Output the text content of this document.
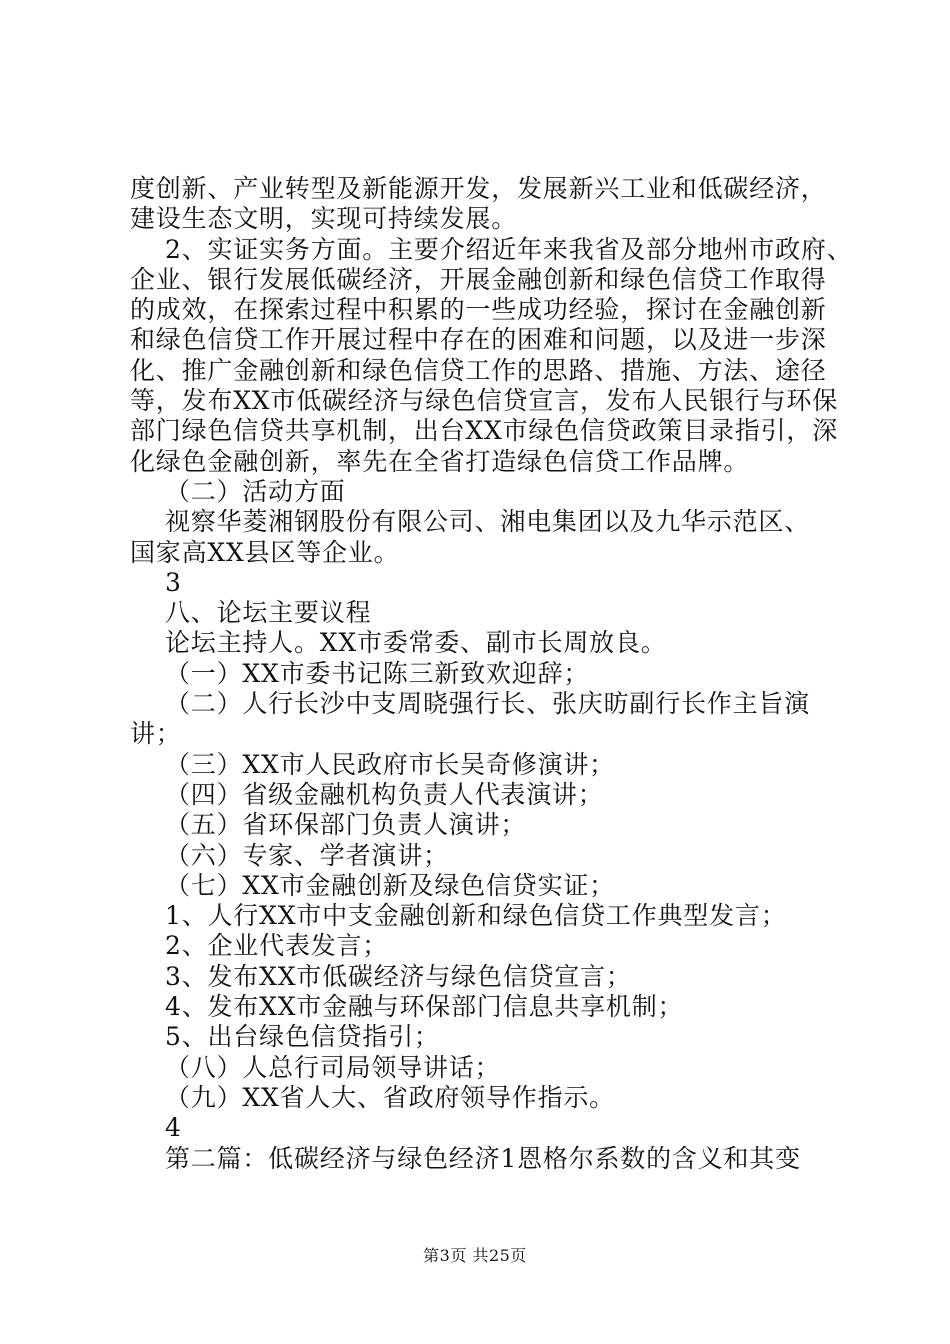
度创新、产业转型及新能源开发，发展新兴工业和低碳经济，
建设生态文明，实现可持续发展。
2、实证实务方面。主要介绍近年来我省及部分地州市政府、
企业、银行发展低碳经济，开展金融创新和绿色信贷工作取得
的成效，在探索过程中积累的一些成功经验，探讨在金融创新
和绿色信贷工作开展过程中存在的困难和问题，以及进一步深
化、推广金融创新和绿色信贷工作的思路、措施、方法、途径
等，发布XX市低碳经济与绿色信贷宣言，发布人民银行与环保
部门绿色信贷共享机制，出台XX市绿色信贷政策目录指引，深
化绿色金融创新，率先在全省打造绿色信贷工作品牌。
（二）活动方面
视察华菱湘钢股份有限公司、湘电集团以及九华示范区、
国家高XX县区等企业。
3
八、论坛主要议程
论坛主持人。XX市委常委、副市长周放良。
（一）XX市委书记陈三新致欢迎辞；
（二）人行长沙中支周晓强行长、张庆昉副行长作主旨演
讲；
（三）XX市人民政府市长吴奇修演讲；
（四）省级金融机构负责人代表演讲；
（五）省环保部门负责人演讲；
（六）专家、学者演讲；
（七）XX市金融创新及绿色信贷实证；
1、人行XX市中支金融创新和绿色信贷工作典型发言；
2、企业代表发言；
3、发布XX市低碳经济与绿色信贷宣言；
4、发布XX市金融与环保部门信息共享机制；
5、出台绿色信贷指引；
（八）人总行司局领导讲话；
（九）XX省人大、省政府领导作指示。
4
第二篇：低碳经济与绿色经济1恩格尔系数的含义和其变
第3页 共25页
